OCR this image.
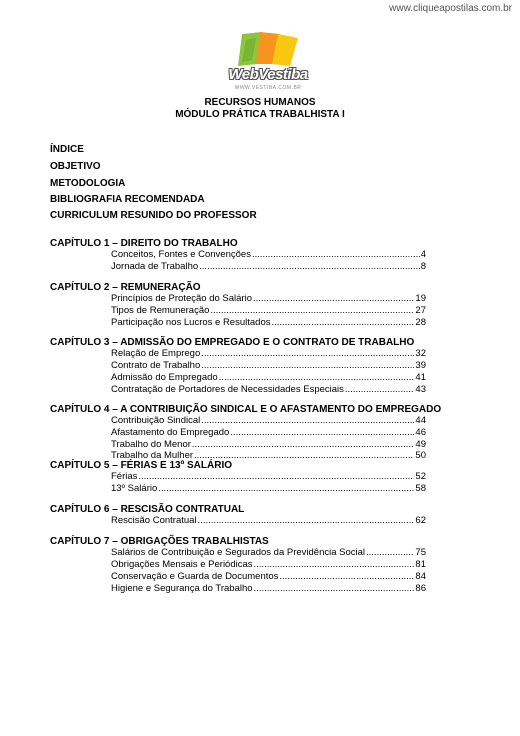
www.cliqueapostilas.com.br
WebVestiba
WWW.VESTIBA.COM.BR
RECURSOS HUMANOS
MÓDULO PRÁTICA TRABALHISTA I
ÍNDICE
OBJETIVO
METODOLOGIA
BIBLIOGRAFIA RECOMENDADA
CURRICULUM RESUNIDO DO PROFESSOR
CAPÍTULO 1 – DIREITO DO TRABALHO
Conceitos, Fontes e Convenções .....	4
Jornada de Trabalho .....	8
CAPÍTULO 2 – REMUNERAÇÃO
Princípios de Proteção do Salário .....	19
Tipos de Remuneração .....	27
Participação nos Lucros e Resultados .....	28
CAPÍTULO 3 – ADMISSÃO DO EMPREGADO E O CONTRATO DE TRABALHO
Relação de Emprego .....	32
Contrato de Trabalho .....	39
Admissão do Empregado .....	41
Contratação de Portadores de Necessidades Especiais .....	43
CAPÍTULO 4 – A CONTRIBUIÇÃO SINDICAL E O AFASTAMENTO DO EMPREGADO
Contribuição Sindical .....	44
Afastamento do Empregado .....	46
Trabalho do Menor .....	49
Trabalho da Mulher .....	50
CAPÍTULO 5 – FÉRIAS E 13º SALÁRIO
Férias .....	52
13º Salário .....	58
CAPÍTULO 6 – RESCISÃO CONTRATUAL
Rescisão Contratual .....	62
CAPÍTULO 7 – OBRIGAÇÕES TRABALHISTAS
Salários de Contribuição e Segurados da Previdência Social .....	75
Obrigações Mensais e Periódicas .....	81
Conservação e Guarda de Documentos .....	84
Higiene e Segurança do Trabalho .....	86
